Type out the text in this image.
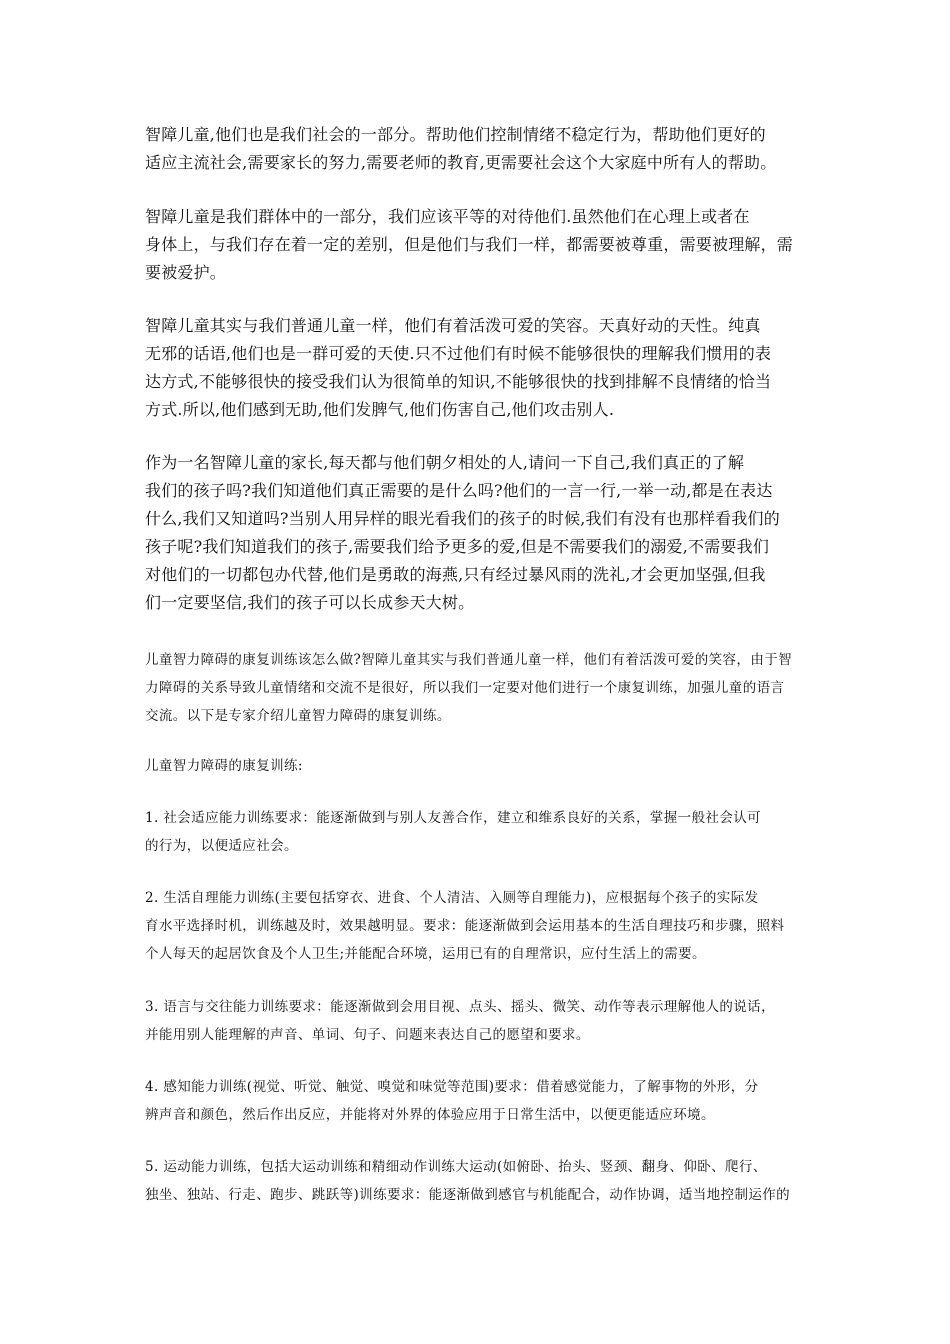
智障儿童,他们也是我们社会的一部分。帮助他们控制情绪不稳定行为，帮助他们更好的
适应主流社会,需要家长的努力,需要老师的教育,更需要社会这个大家庭中所有人的帮助。

智障儿童是我们群体中的一部分，我们应该平等的对待他们.虽然他们在心理上或者在
身体上，与我们存在着一定的差别，但是他们与我们一样，都需要被尊重，需要被理解，需
要被爱护。

智障儿童其实与我们普通儿童一样，他们有着活泼可爱的笑容。天真好动的天性。纯真
无邪的话语,他们也是一群可爱的天使.只不过他们有时候不能够很快的理解我们惯用的表
达方式,不能够很快的接受我们认为很简单的知识,不能够很快的找到排解不良情绪的恰当
方式.所以,他们感到无助,他们发脾气,他们伤害自己,他们攻击别人.

作为一名智障儿童的家长,每天都与他们朝夕相处的人,请问一下自己,我们真正的了解
我们的孩子吗?我们知道他们真正需要的是什么吗?他们的一言一行,一举一动,都是在表达
什么,我们又知道吗?当别人用异样的眼光看我们的孩子的时候,我们有没有也那样看我们的
孩子呢?我们知道我们的孩子,需要我们给予更多的爱,但是不需要我们的溺爱,不需要我们
对他们的一切都包办代替,他们是勇敢的海燕,只有经过暴风雨的洗礼,才会更加坚强,但我
们一定要坚信,我们的孩子可以长成参天大树。

儿童智力障碍的康复训练该怎么做?智障儿童其实与我们普通儿童一样，他们有着活泼可爱的笑容，由于智
力障碍的关系导致儿童情绪和交流不是很好，所以我们一定要对他们进行一个康复训练，加强儿童的语言
交流。以下是专家介绍儿童智力障碍的康复训练。

儿童智力障碍的康复训练:

1. 社会适应能力训练要求：能逐渐做到与别人友善合作，建立和维系良好的关系，掌握一般社会认可
的行为，以便适应社会。

2. 生活自理能力训练(主要包括穿衣、进食、个人清洁、入厕等自理能力)，应根据每个孩子的实际发
育水平选择时机，训练越及时，效果越明显。要求：能逐渐做到会运用基本的生活自理技巧和步骤，照料
个人每天的起居饮食及个人卫生;并能配合环境，运用已有的自理常识，应付生活上的需要。

3. 语言与交往能力训练要求：能逐渐做到会用目视、点头、摇头、微笑、动作等表示理解他人的说话，
并能用别人能理解的声音、单词、句子、问题来表达自己的愿望和要求。

4. 感知能力训练(视觉、听觉、触觉、嗅觉和味觉等范围)要求：借着感觉能力，了解事物的外形，分
辨声音和颜色，然后作出反应，并能将对外界的体验应用于日常生活中，以便更能适应环境。

5. 运动能力训练，包括大运动训练和精细动作训练大运动(如俯卧、抬头、竖颈、翻身、仰卧、爬行、
独坐、独站、行走、跑步、跳跃等)训练要求：能逐渐做到感官与机能配合，动作协调，适当地控制运作的
